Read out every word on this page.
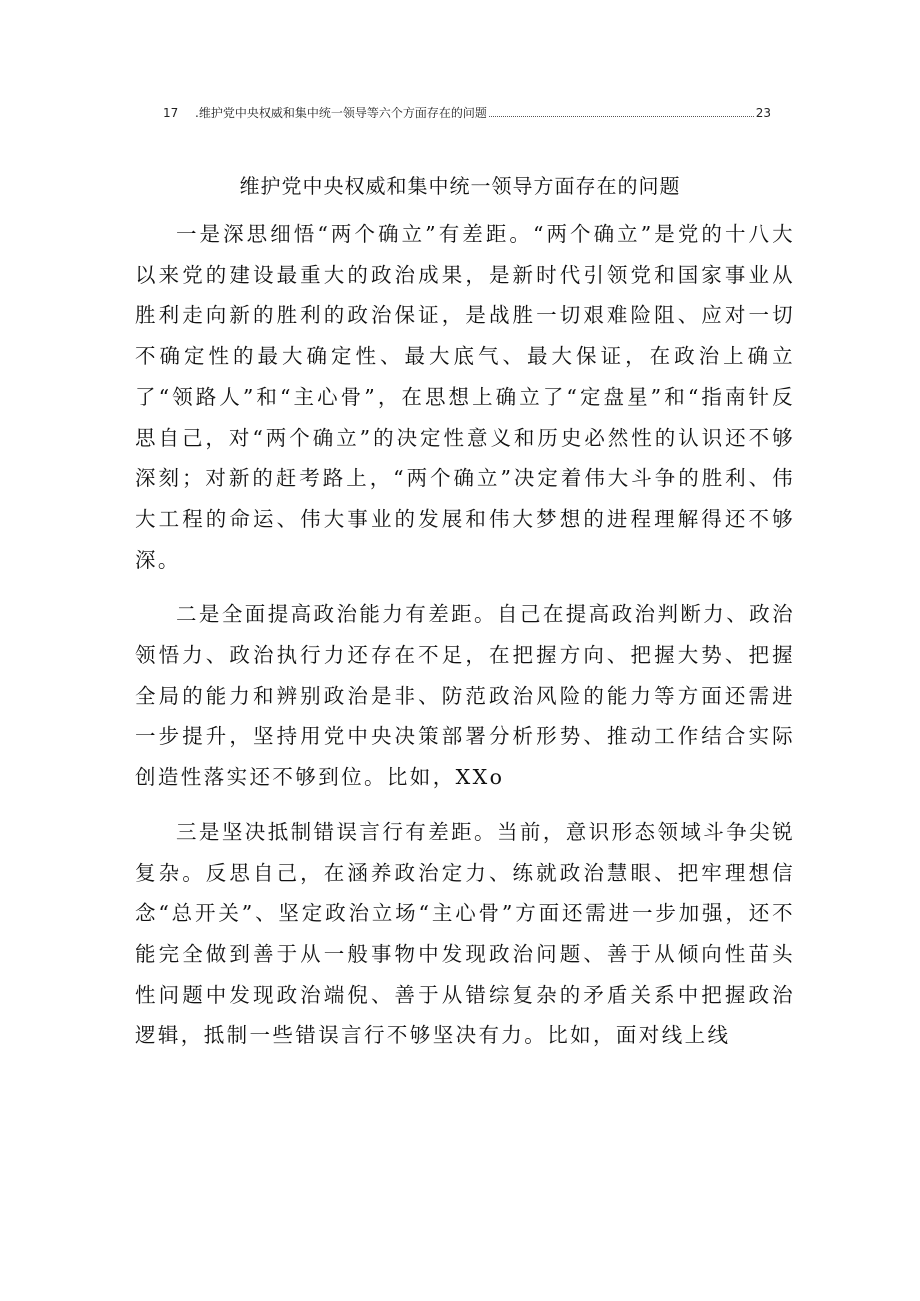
17	.维护党中央权威和集中统一领导等六个方面存在的问题	23
维护党中央权威和集中统一领导方面存在的问题

一是深思细悟“两个确立”有差距。“两个确立”是党的十八大以来党的建设最重大的政治成果，是新时代引领党和国家事业从胜利走向新的胜利的政治保证，是战胜一切艰难险阻、应对一切不确定性的最大确定性、最大底气、最大保证，在政治上确立了“领路人”和“主心骨”，在思想上确立了“定盘星”和“指南针反思自己，对“两个确立”的决定性意义和历史必然性的认识还不够深刻；对新的赶考路上，“两个确立”决定着伟大斗争的胜利、伟大工程的命运、伟大事业的发展和伟大梦想的进程理解得还不够深。

二是全面提高政治能力有差距。自己在提高政治判断力、政治领悟力、政治执行力还存在不足，在把握方向、把握大势、把握全局的能力和辨别政治是非、防范政治风险的能力等方面还需进一步提升，坚持用党中央决策部署分析形势、推动工作结合实际创造性落实还不够到位。比如，XXo

三是坚决抵制错误言行有差距。当前，意识形态领域斗争尖锐复杂。反思自己，在涵养政治定力、练就政治慧眼、把牢理想信念“总开关”、坚定政治立场“主心骨”方面还需进一步加强，还不能完全做到善于从一般事物中发现政治问题、善于从倾向性苗头性问题中发现政治端倪、善于从错综复杂的矛盾关系中把握政治逻辑，抵制一些错误言行不够坚决有力。比如，面对线上线
